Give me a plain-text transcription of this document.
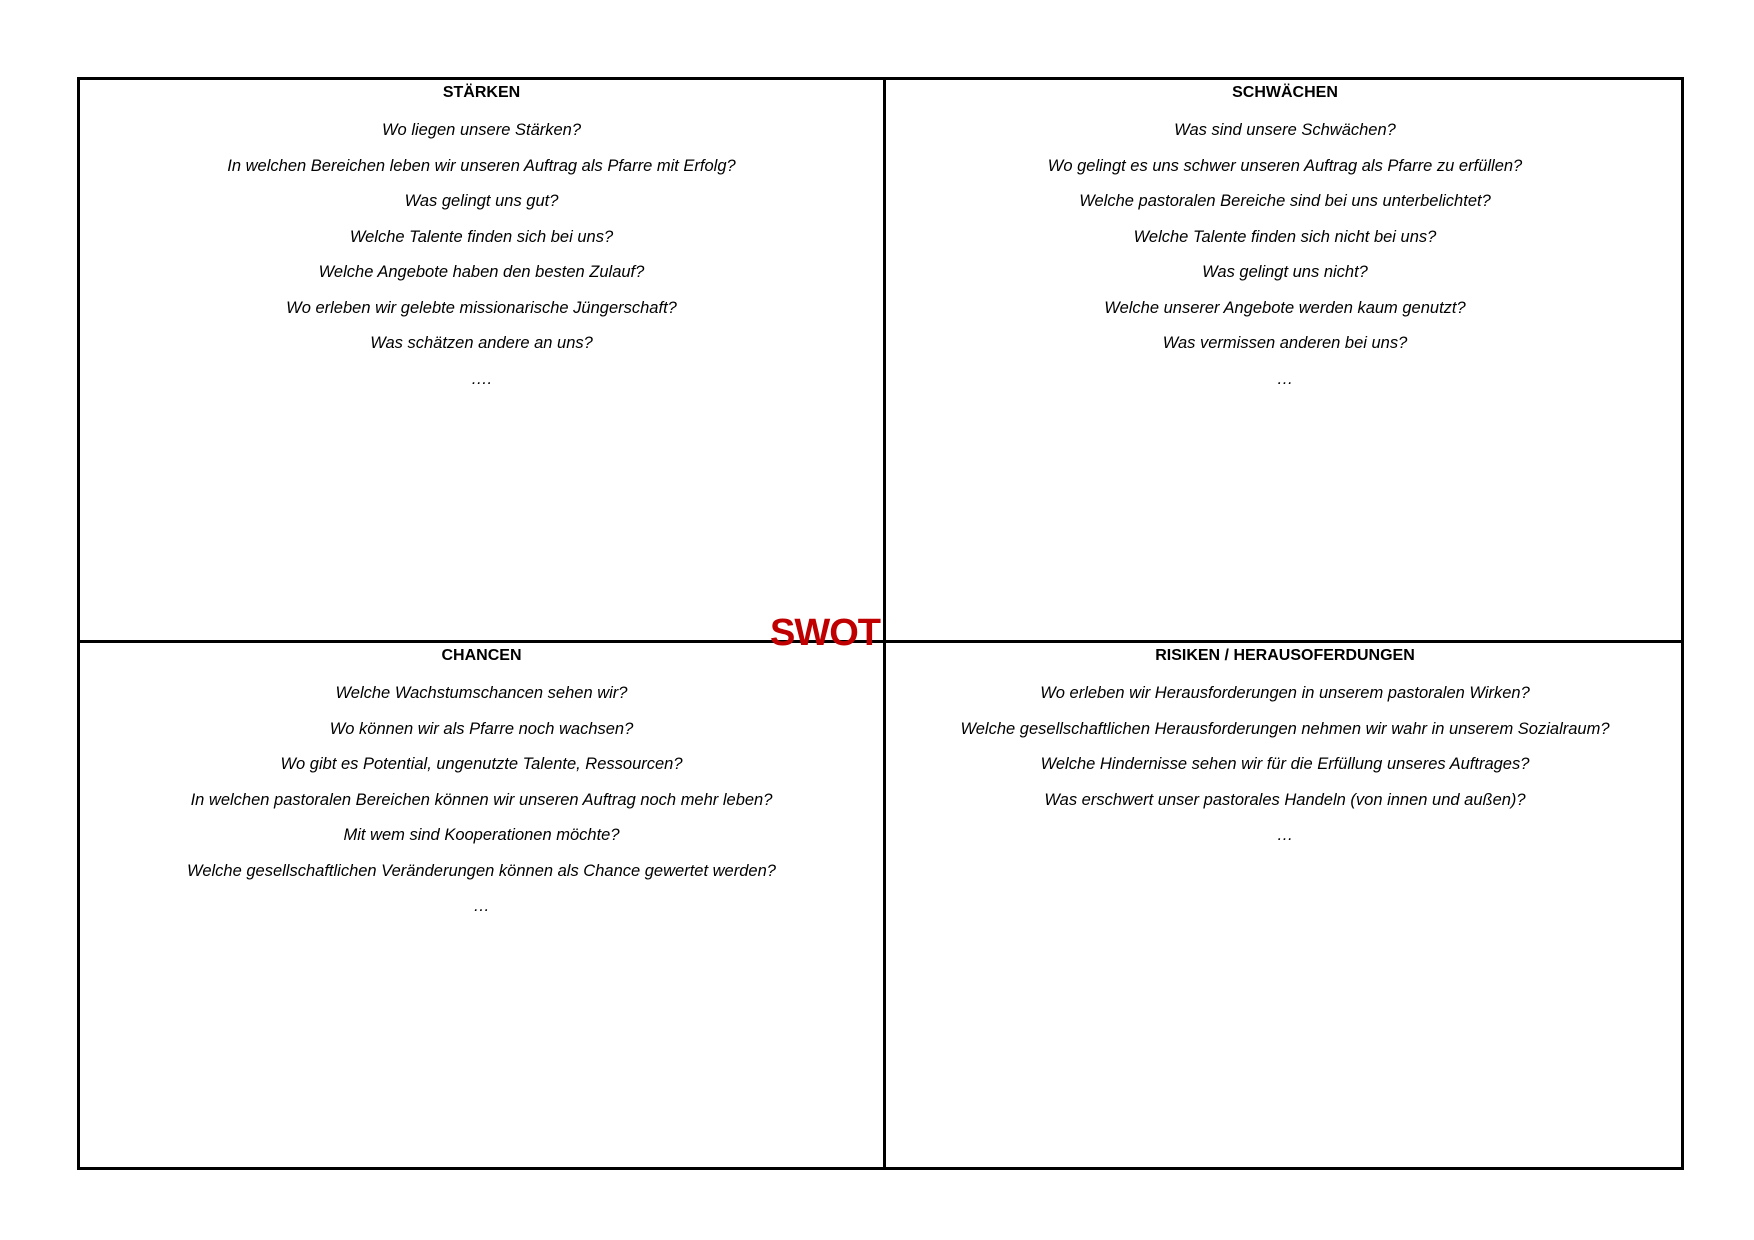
STÄRKEN
Wo liegen unsere Stärken?
In welchen Bereichen leben wir unseren Auftrag als Pfarre mit Erfolg?
Was gelingt uns gut?
Welche Talente finden sich bei uns?
Welche Angebote haben den besten Zulauf?
Wo erleben wir gelebte missionarische Jüngerschaft?
Was schätzen andere an uns?
….
SCHWÄCHEN
Was sind unsere Schwächen?
Wo gelingt es uns schwer unseren Auftrag als Pfarre zu erfüllen?
Welche pastoralen Bereiche sind bei uns unterbelichtet?
Welche Talente finden sich nicht bei uns?
Was gelingt uns nicht?
Welche unserer Angebote werden kaum genutzt?
Was vermissen anderen bei uns?
…
CHANCEN
Welche Wachstumschancen sehen wir?
Wo können wir als Pfarre noch wachsen?
Wo gibt es Potential, ungenutzte Talente, Ressourcen?
In welchen pastoralen Bereichen können wir unseren Auftrag noch mehr leben?
Mit wem sind Kooperationen möchte?
Welche gesellschaftlichen Veränderungen können als Chance gewertet werden?
…
RISIKEN / HERAUSOFERDUNGEN
Wo erleben wir Herausforderungen in unserem pastoralen Wirken?
Welche gesellschaftlichen Herausforderungen nehmen wir wahr in unserem Sozialraum?
Welche Hindernisse sehen wir für die Erfüllung unseres Auftrages?
Was erschwert unser pastorales Handeln (von innen und außen)?
…
SWOT
